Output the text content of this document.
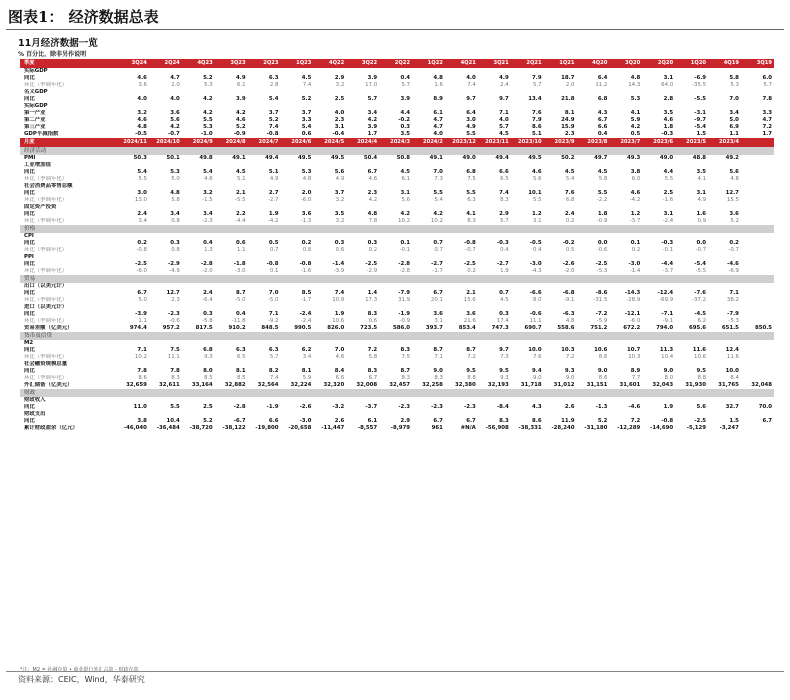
图表1： 经济数据总表
11月经济数据一览
% 百分比，除非另作说明
季度	3Q24	2Q24	4Q23	3Q23	2Q23	1Q23	4Q22	3Q22	2Q22	1Q22	4Q21	3Q21	2Q21	1Q21	4Q20	3Q20	2Q20	1Q20	4Q19	3Q19
实际GDP																				
同比	4.6	4.7	5.2	4.9	6.3	4.5	2.9	3.9	0.4	4.8	4.0	4.9	7.9	18.7	6.4	4.8	3.1	-6.9	5.8	6.0
环比（季调年化）	3.6	2.0	5.3	6.1	2.8	7.4	3.2	17.0	5.7	1.6	7.4	2.4	5.7	2.0	11.2	14.3	64.0	-35.5	5.3	5.7
名义GDP																				
同比	4.0	4.0	4.2	3.9	5.4	5.2	2.5	5.7	3.9	8.9	9.7	9.7	13.4	21.8	6.8	5.3	2.8	-5.5	7.0	7.8
实际GDP																				
第一产业	3.2	3.6	4.2	4.2	3.7	3.7	4.0	3.4	4.4	6.1	6.4	7.1	7.6	8.1	4.3	4.1	3.5	-3.1	3.4	3.3
第二产业	4.6	5.6	5.5	4.6	5.2	3.3	2.3	4.2	-0.2	4.7	3.0	4.0	7.9	24.9	6.7	5.9	4.6	-9.7	5.0	4.7
第三产业	4.8	4.2	5.3	5.2	7.4	5.4	3.1	3.9	0.3	4.7	4.9	5.7	8.6	15.9	6.6	4.2	1.8	-5.4	6.9	7.2
GDP平减指数	-0.5	-0.7	-1.0	-0.9	-0.8	0.6	-0.4	1.7	3.5	4.0	5.5	4.5	5.1	2.3	0.4	0.5	-0.3	1.5	1.1	1.7
月度	2024/11	2024/10	2024/9	2024/8	2024/7	2024/6	2024/5	2024/4	2024/3	2024/2	2023/12	2023/11	2023/10	2023/9	2023/8	2023/7	2023/6	2023/5	2023/4	
经济活动																				
PMI	50.3	50.1	49.8	49.1	49.4	49.5	49.5	50.4	50.8	49.1	49.0	49.4	49.5	50.2	49.7	49.3	49.0	48.8	49.2	
工业增加值																				
同比	5.4	5.3	5.4	4.5	5.1	5.3	5.6	6.7	4.5	7.0	6.8	6.6	4.6	4.5	4.5	3.8	4.4	3.5	5.6	
环比（季调年化）	5.5	5.0	4.6	5.1	4.9	4.8	4.9	4.6	6.1	7.3	7.5	6.5	5.6	5.4	5.8	6.0	5.5	4.1	4.8	
社会消费品零售总额																				
同比	3.0	4.8	3.2	2.1	2.7	2.0	3.7	2.3	3.1	5.5	5.5	7.4	10.1	7.6	5.5	4.6	2.5	3.1	12.7	
环比（季调年化）	13.0	5.8	-1.5	-5.5	-2.7	-6.0	3.2	4.2	5.6	5.4	6.3	8.3	5.5	6.8	-2.2	-4.2	-1.6	4.9	15.5	
固定资产投资																				
同比	2.4	3.4	3.4	2.2	1.9	3.6	3.5	4.8	4.2	4.2	4.1	2.9	1.2	2.4	1.8	1.2	3.1	1.6	3.6	
环比（季调年化）	3.4	0.8	-2.3	-4.4	-4.2	-1.3	3.2	7.8	10.2	10.2	8.3	5.7	3.1	0.2	-0.9	-3.7	-2.4	0.9	5.2	
价格																				
CPI																				
同比	0.2	0.3	0.4	0.6	0.5	0.2	0.3	0.3	0.1	0.7	-0.8	-0.3	-0.5	-0.2	0.0	0.1	-0.3	0.0	0.2	
环比（季调年化）	-0.8	0.8	1.3	1.1	0.7	0.8	0.6	0.2	-0.1	0.7	-0.7	0.4	0.4	0.5	-0.6	0.2	-0.1	-0.7	-0.7	
PPI																				
同比	-2.5	-2.9	-2.8	-1.8	-0.8	-0.8	-1.4	-2.5	-2.8	-2.7	-2.5	-2.7	-3.0	-2.6	-2.5	-3.0	-4.4	-5.4	-4.6	
环比（季调年化）	-6.0	-4.9	-2.0	-3.0	0.1	-1.6	-3.9	-2.9	-2.8	-1.7	0.2	1.9	-4.3	-2.0	-5.3	-1.4	-3.7	-5.5	-6.9	
贸易																				
出口（以美元计）																				
同比	6.7	12.7	2.4	8.7	7.0	8.5	7.4	1.4	-7.9	6.7	2.1	0.7	-6.6	-6.8	-8.6	-14.3	-12.4	-7.6	7.1	
环比（季调年化）	5.0	2.3	-6.4	-5.0	-5.0	-1.7	10.9	17.3	31.9	20.1	15.6	4.5	8.0	-9.1	-31.5	-28.9	-69.9	-37.2	38.2	
进口（以美元计）																				
同比	-3.9	-2.3	0.3	0.4	7.1	-2.4	1.9	8.3	-1.9	3.6	3.6	0.3	-0.6	-6.3	-7.2	-12.1	-7.1	-4.5	-7.9	
环比（季调年化）	1.1	-0.6	-5.8	-11.8	-9.2	-2.4	10.6	0.6	-0.9	3.1	21.6	17.4	11.1	4.8	-5.9	-6.0	-9.1	6.2	-5.3	
贸易差额（亿美元）	974.4	957.2	817.5	910.2	848.5	990.5	826.0	723.5	586.0	393.7	853.4	747.3	690.7	558.6	751.2	672.2	794.0	695.6	651.5	850.5
货币及信贷																				
M2																				
同比	7.1	7.5	6.8	6.3	6.3	6.2	7.0	7.2	8.3	8.7	8.7	9.7	10.0	10.3	10.6	10.7	11.3	11.6	12.4	
环比（季调年化）	10.2	11.1	9.3	6.5	5.7	3.4	4.6	5.8	7.5	7.1	7.2	7.3	7.6	7.2	8.6	10.3	10.4	10.6	11.6	
社会融资规模总量																				
同比	7.8	7.8	8.0	8.1	8.2	8.1	8.4	8.3	8.7	9.0	9.5	9.5	9.4	9.3	9.0	8.9	9.0	9.5	10.0	
环比（季调年化）	8.6	8.3	8.5	8.5	7.4	5.9	6.6	6.7	8.3	8.3	8.8	9.3	9.0	9.0	8.6	7.7	8.0	8.8	8.4	
外汇储备（亿美元）	32,659	32,611	33,164	32,882	32,564	32,224	32,320	32,008	32,457	32,258	32,380	32,193	31,718	31,012	31,151	31,601	32,043	31,930	31,765	32,048
财政																				
财政收入																				
同比	11.0	5.5	2.5	-2.8	-1.9	-2.6	-3.2	-3.7	-2.3	-2.3	-2.3	-8.4	4.3	2.6	-1.3	-4.6	1.9	5.6	32.7	70.0
财政支出																				
同比	3.8	10.4	5.2	-6.7	6.6	-3.0	2.6	6.1	2.9	6.7	6.7	8.3	8.6	11.9	5.2	7.2	-0.8	-2.5	1.5	6.7
累计财政盈余（亿元）	-46,040	-36,484	-38,720	-38,122	-19,800	-20,658	-11,447	-8,557	-8,979	961	#N/A	-56,908	-38,331	-28,240	-31,180	-12,289	-14,690	-5,129	-3,247	
*注：M2 = 社融存量 • 商业银行外汇占款 - 财政存款
资料来源：CEIC，Wind，华泰研究
